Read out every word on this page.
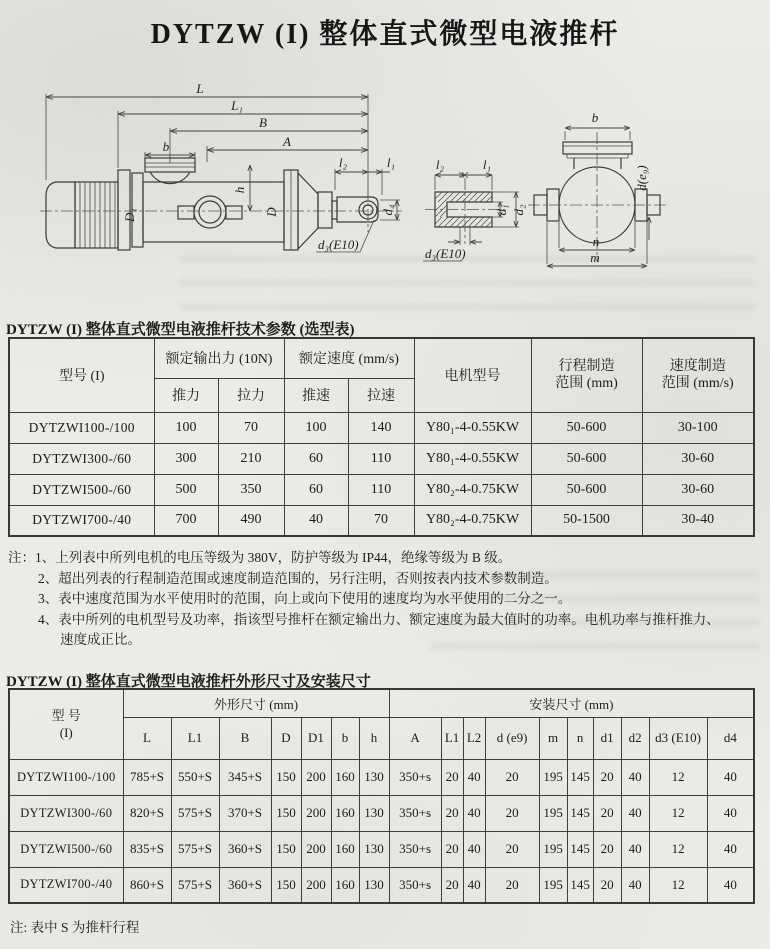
DYTZW (I) 整体直式微型电液推杆
L
L₁
B
A
b
l₂	l₁
h
D₁	D	d₄
d₃(E10)
l₂	l₁
d₁ d₂
d₃(E10)
b
d(e₉)
n
m
DYTZW (I) 整体直式微型电液推杆技术参数 (选型表)
型号 (I)	额定输出力 (10N)	额定速度 (mm/s)	电机型号	
行程制造
范围 (mm)

速度制造
范围 (mm/s)

	推力	拉力	推速	拉速			
DYTZWI100-/100	100	70	100	140	Y80₁-4-0.55KW	50-600	30-100
DYTZWI300-/60	300	210	60	110	Y80₁-4-0.55KW	50-600	30-60
DYTZWI500-/60	500	350	60	110	Y80₂-4-0.75KW	50-600	30-60
DYTZWI700-/40	700	490	40	70	Y80₂-4-0.75KW	50-1500	30-40
注：1、上列表中所列电机的电压等级为 380V，防护等级为 IP44，绝缘等级为 B 级。
2、超出列表的行程制造范围或速度制造范围的，另行注明，否则按表内技术参数制造。
3、表中速度范围为水平使用时的范围，向上或向下使用的速度均为水平使用的二分之一。
4、表中所列的电机型号及功率，指该型号推杆在额定输出力、额定速度为最大值时的功率。电机功率与推杆推力、
速度成正比。
DYTZW (I) 整体直式微型电液推杆外形尺寸及安装尺寸
型 号
(I)	外形尺寸 (mm)							安装尺寸 (mm)									
	L	L1	B	D	D1	b	h	A	L1	L2	d (e9)	m	n	d1	d2	d3 (E10)	d4
DYTZWI100-/100	785+S	550+S	345+S	150	200	160	130	350+s	20	40	20	195	145	20	40	12	40
DYTZWI300-/60	820+S	575+S	370+S	150	200	160	130	350+s	20	40	20	195	145	20	40	12	40
DYTZWI500-/60	835+S	575+S	360+S	150	200	160	130	350+s	20	40	20	195	145	20	40	12	40
DYTZWI700-/40	860+S	575+S	360+S	150	200	160	130	350+s	20	40	20	195	145	20	40	12	40
注: 表中 S 为推杆行程
